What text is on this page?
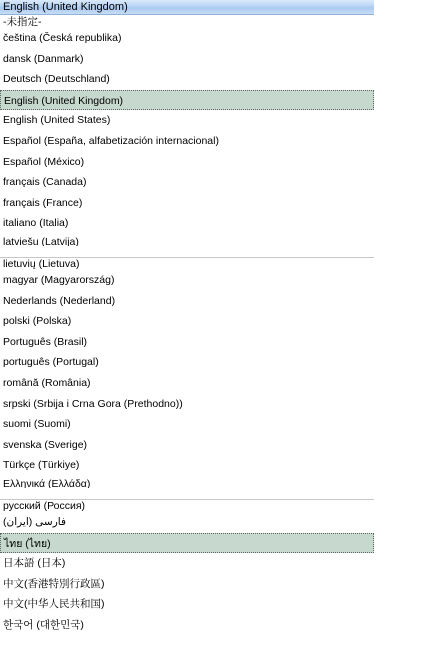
English (United Kingdom)
-未指定-
čeština (Česká republika)
dansk (Danmark)
Deutsch (Deutschland)
English (United Kingdom)
English (United States)
Español (España, alfabetización internacional)
Español (México)
français (Canada)
français (France)
italiano (Italia)
latviešu (Latvija)
lietuvių (Lietuva)
magyar (Magyarország)
Nederlands (Nederland)
polski (Polska)
Português (Brasil)
português (Portugal)
română (România)
srpski (Srbija i Crna Gora (Prethodno))
suomi (Suomi)
svenska (Sverige)
Türkçe (Türkiye)
Ελληνικά (Ελλάδα)
русский (Россия)
(فارسی (ایران
ไทย (ไทย)
日本語 (日本)
中文(香港特別行政區)
中文(中华人民共和国)
한국어 (대한민국)
